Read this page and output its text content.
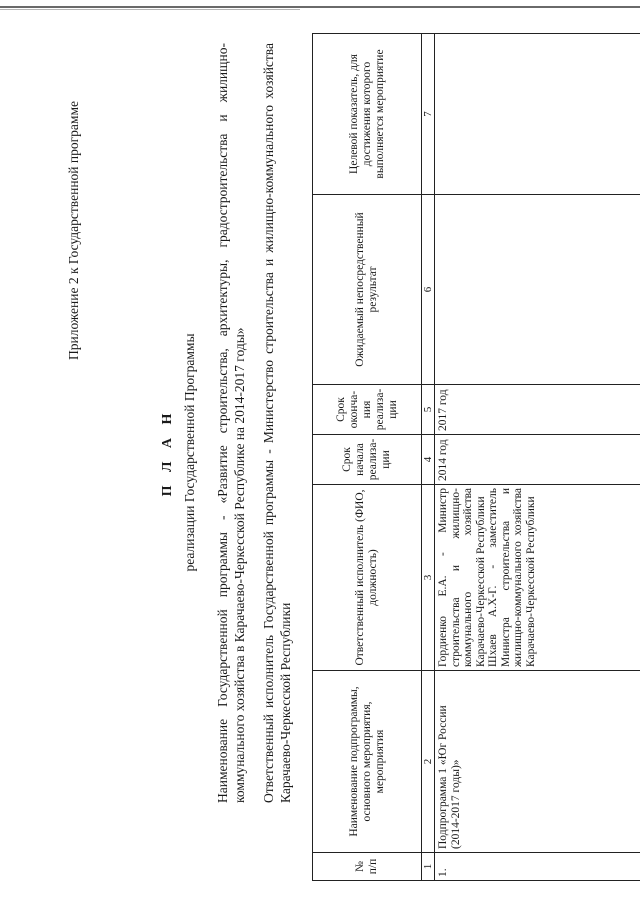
Приложение 2 к Государственной программе
П Л А Н реализации Государственной Программы Наименование Государственной программы - «Развитие строительства, архитектуры, градостроительства и жилищно-коммунального хозяйства в Карачаево-Черкесской Республике на 2014-2017 годы» Ответственный исполнитель Государственной программы - Министерство строительства и жилищно-коммунального хозяйства Карачаево-Черкесской Республики
№ п/п	Наименование подпрограммы, основного мероприятия, мероприятия	Ответственный исполнитель (ФИО, должность)	Срок начала реализа-ции	Срок оконча-ния реализа-ции	Ожидаемый непосредственный результат	Целевой показатель, для достижения которого выполняется мероприятие
1	2	3	4	5	6	7
1.	Подпрограмма 1 «Юг России (2014-2017 годы)»	Гордиенко Е.А. - Министр строительства и жилищно-коммунального хозяйства Карачаево-Черкесской Республики Шхаев А.Х-Г. - заместитель Министра строительства и жилищно-коммунального хозяйства Карачаево-Черкесской Республики	2014 год	2017 год		
